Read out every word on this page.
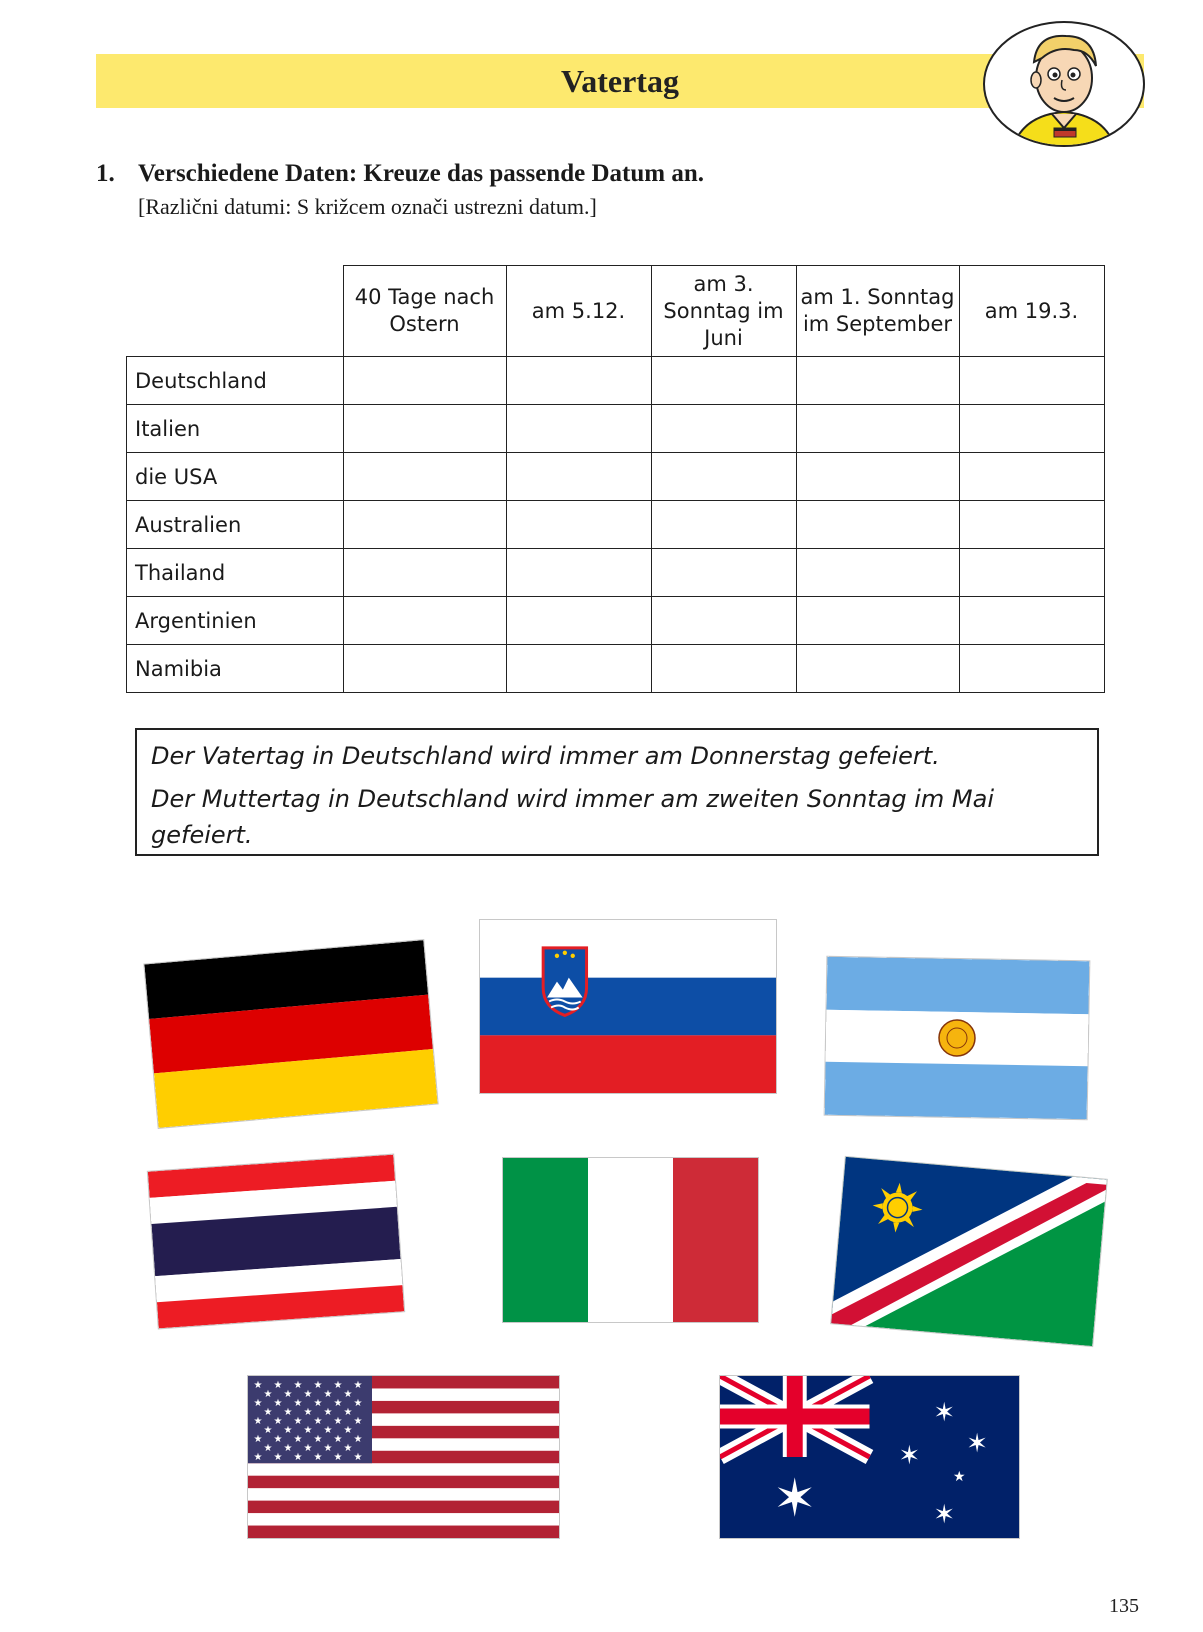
Vatertag
1. Verschiedene Daten: Kreuze das passende Datum an.
[Različni datumi: S križcem označi ustrezni datum.]
	40 Tage nach Ostern	am 5.12.	am 3. Sonntag im Juni	am 1. Sonntag im September	am 19.3.
Deutschland					
Italien					
die USA					
Australien					
Thailand					
Argentinien					
Namibia					

Der Vatertag in Deutschland wird immer am Donnerstag gefeiert.

Der Muttertag in Deutschland wird immer am zweiten Sonntag im Mai gefeiert.

★ ★ ★ ★ ★ ★
★ ★ ★ ★ ★
★ ★ ★ ★ ★ ★
★ ★ ★ ★ ★
★ ★ ★ ★ ★ ★
★ ★ ★ ★ ★
★ ★ ★ ★ ★ ★
★ ★ ★ ★ ★
★ ★ ★ ★ ★ ★
✶
✶
✶ ✶
★
✶
135
